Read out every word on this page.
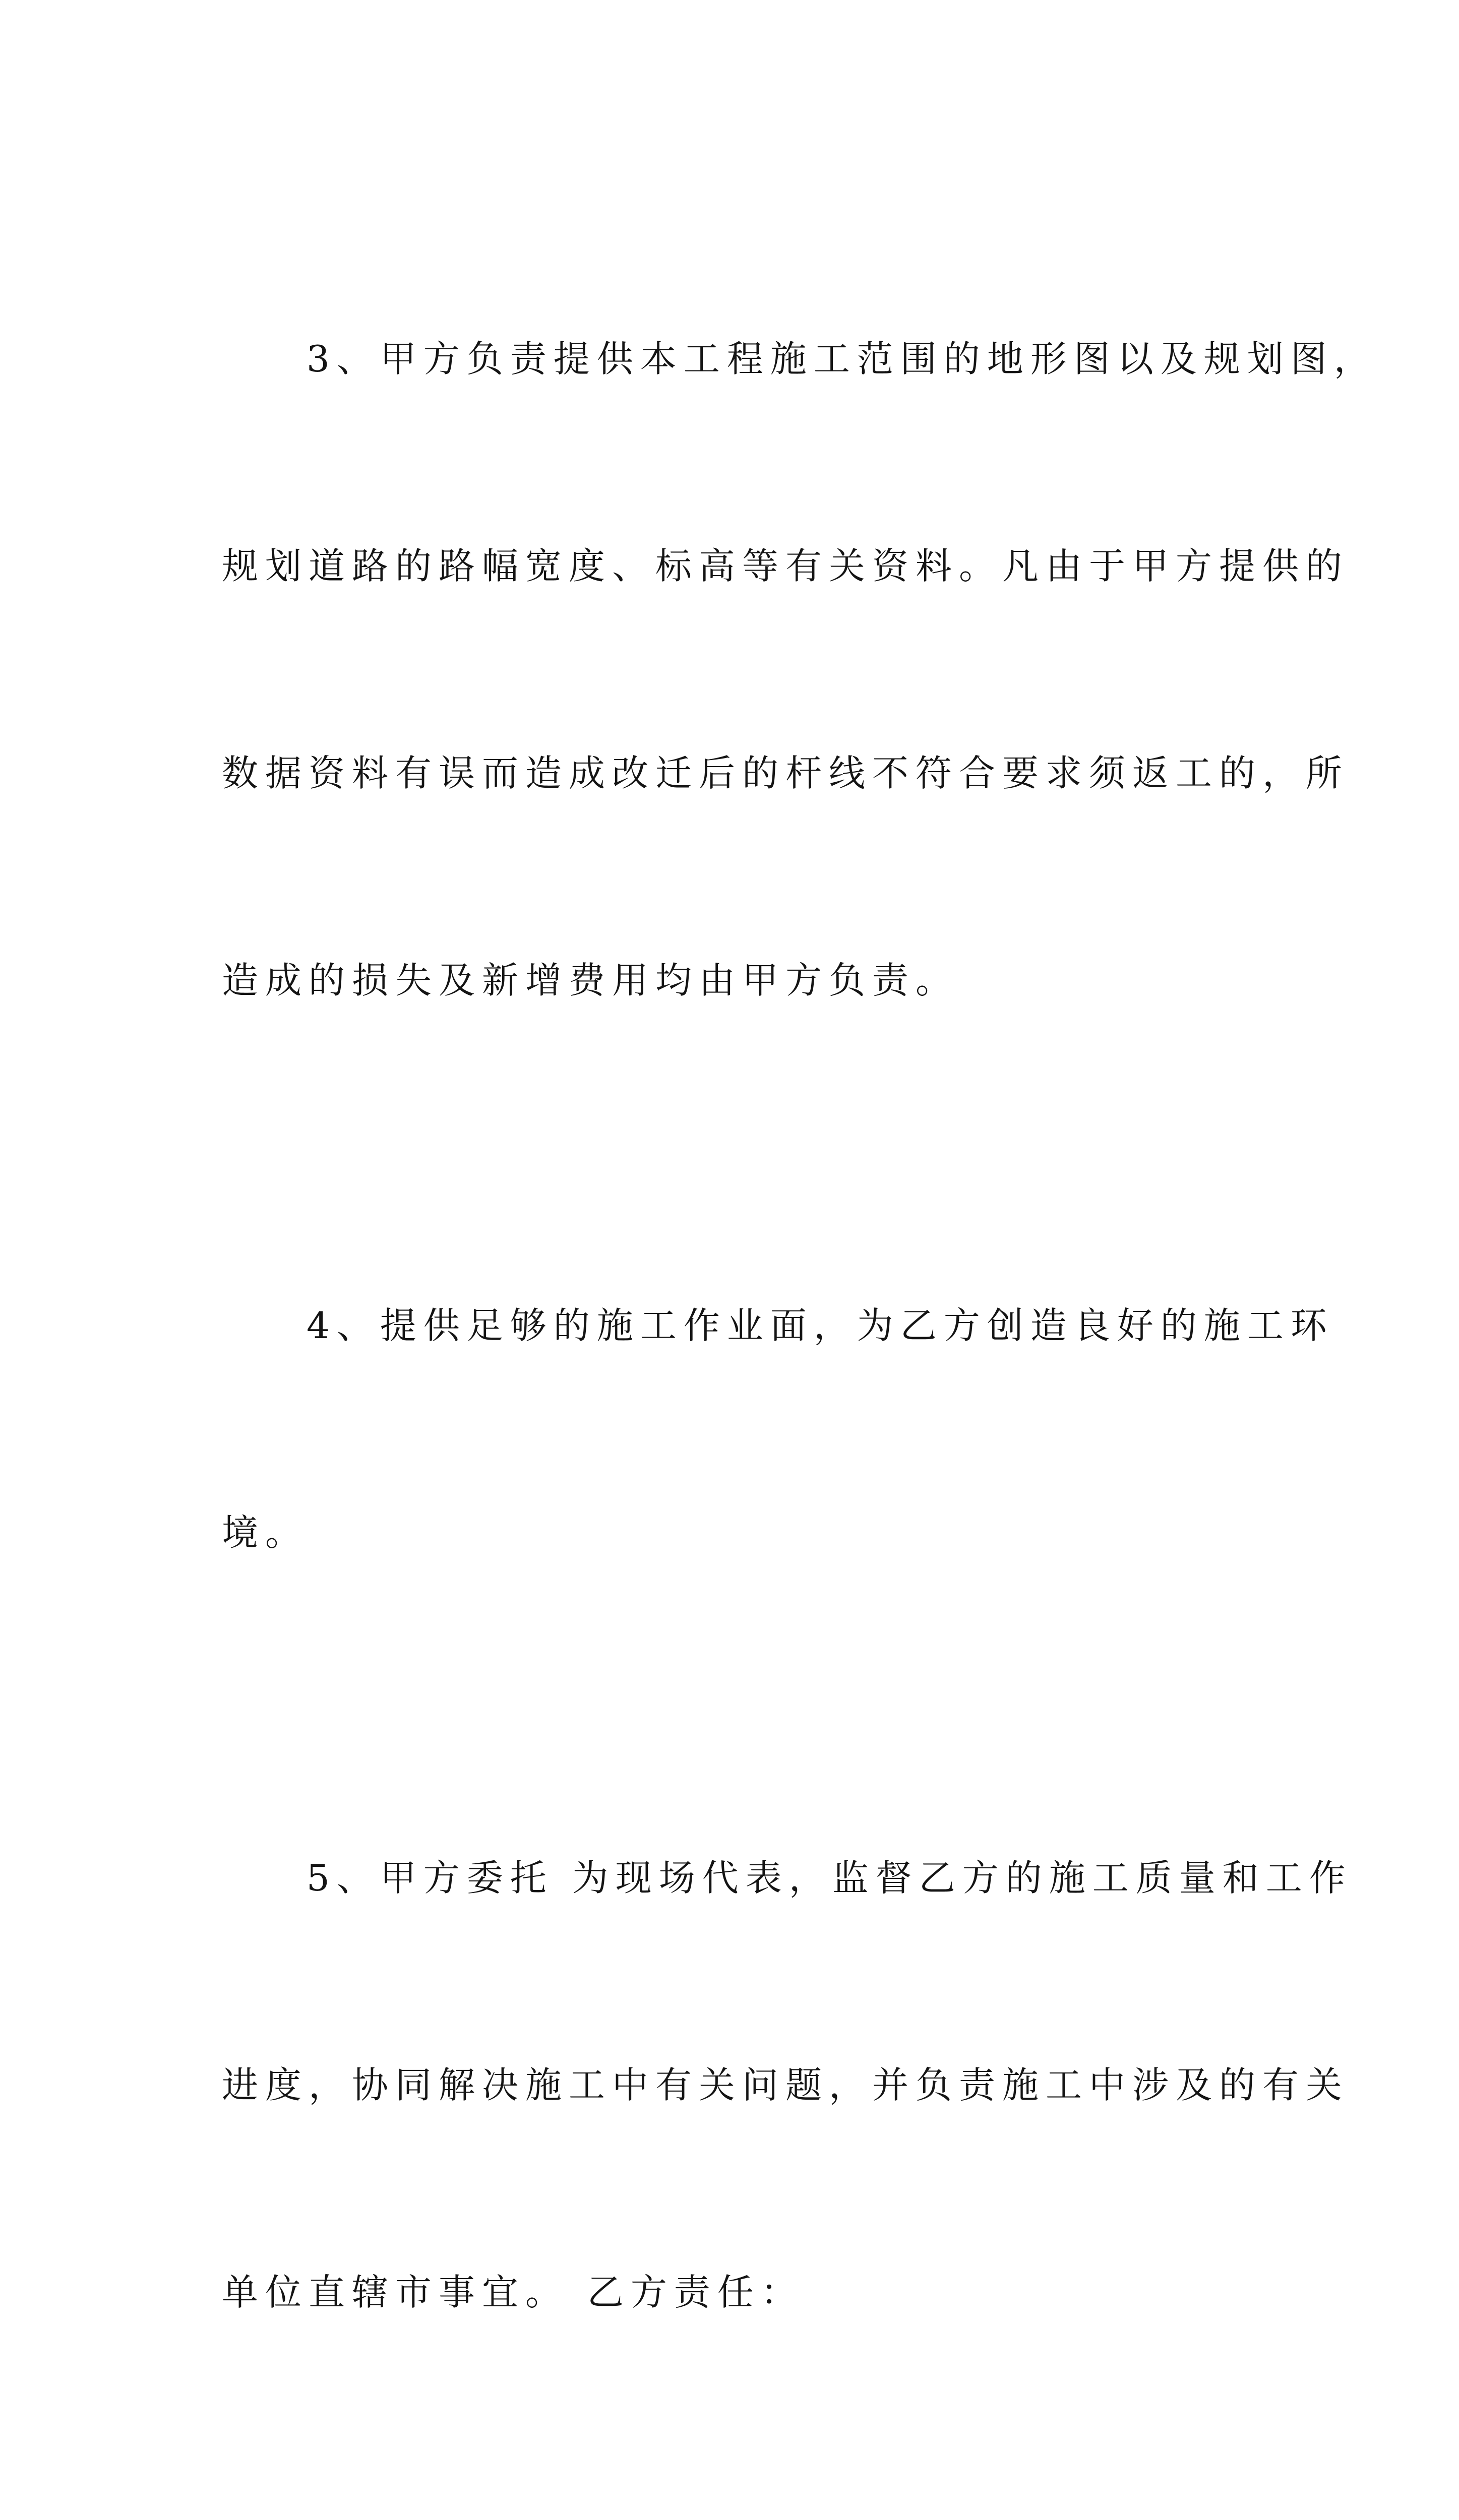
3、甲方负责提供本工程施工范围的地形图以及规划图，

规划道路的路幅宽度、标高等有关资料。凡由于甲方提供的

数据资料有误而造成改迁后的杆线不符合要求须返工的，所

造成的损失及新增费用均由甲方负责。

4、提供足够的施工作业面，为乙方创造良好的施工环

境。

5、甲方委托 为现场代表，监督乙方的施工质量和工作

进度，协同解决施工中有关问题，并负责施工中涉及的有关

单位直辖市事宜。 乙方责任：
